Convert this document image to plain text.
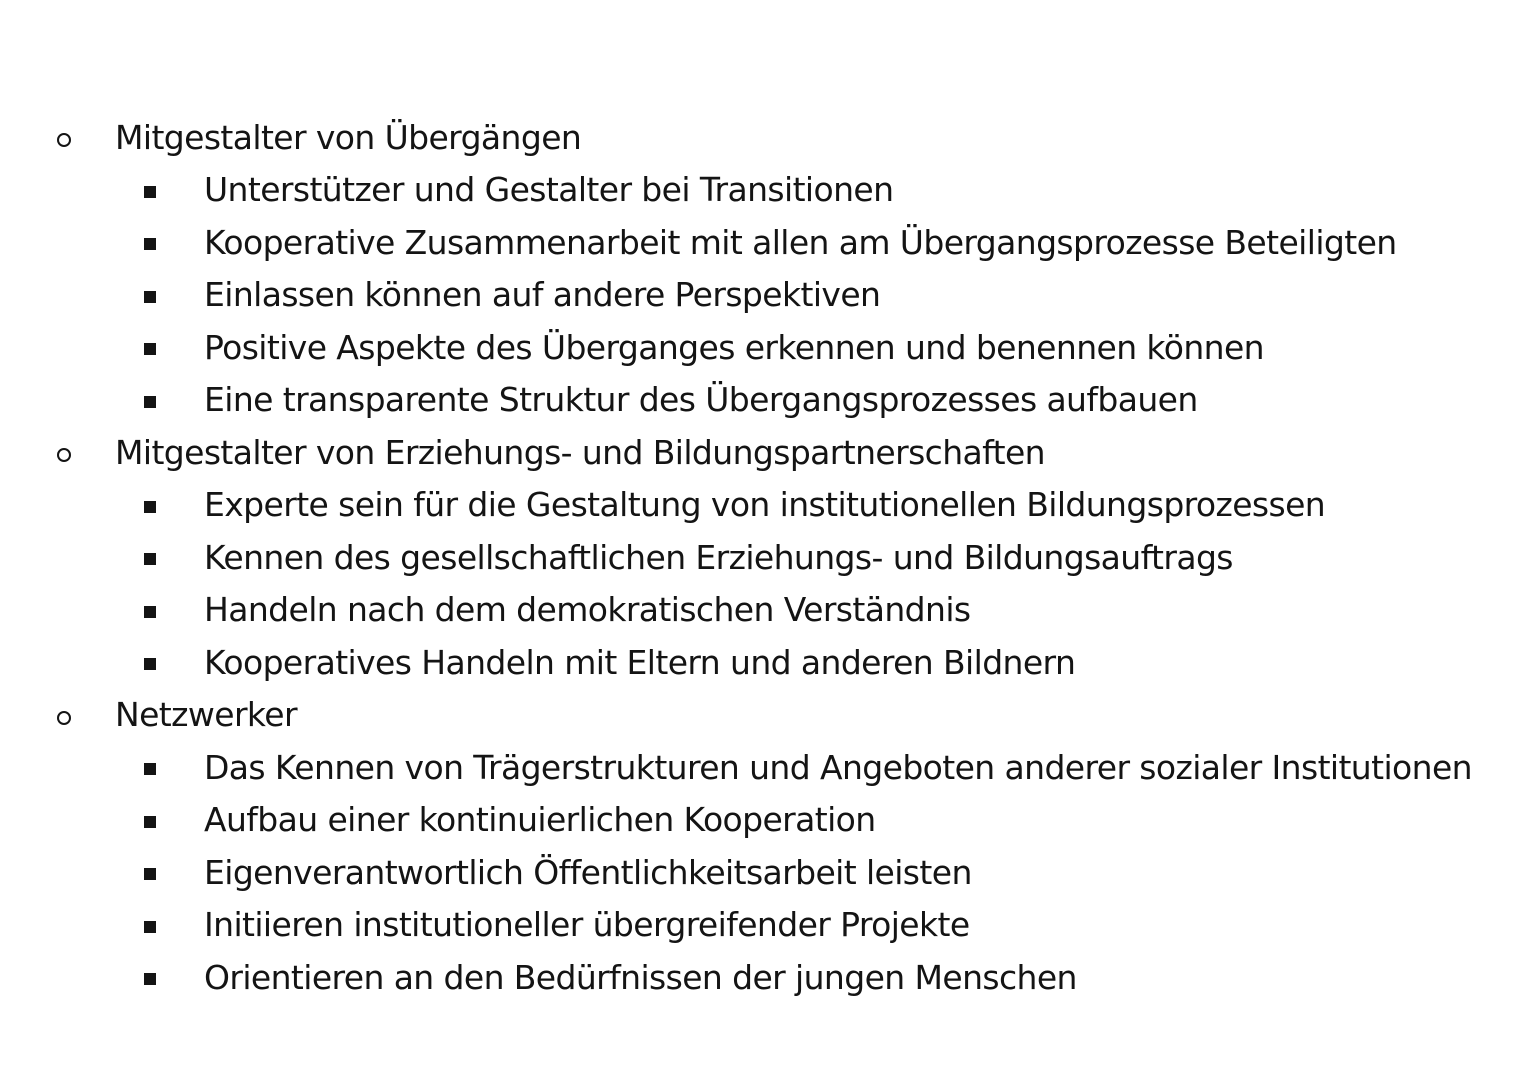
Mitgestalter von Übergängen
Unterstützer und Gestalter bei Transitionen
Kooperative Zusammenarbeit mit allen am Übergangsprozesse Beteiligten
Einlassen können auf andere Perspektiven
Positive Aspekte des Überganges erkennen und benennen können
Eine transparente Struktur des Übergangsprozesses aufbauen
Mitgestalter von Erziehungs- und Bildungspartnerschaften
Experte sein für die Gestaltung von institutionellen Bildungsprozessen
Kennen des gesellschaftlichen Erziehungs- und Bildungsauftrags
Handeln nach dem demokratischen Verständnis
Kooperatives Handeln mit Eltern und anderen Bildnern
Netzwerker
Das Kennen von Trägerstrukturen und Angeboten anderer sozialer Institutionen
Aufbau einer kontinuierlichen Kooperation
Eigenverantwortlich Öffentlichkeitsarbeit leisten
Initiieren institutioneller übergreifender Projekte
Orientieren an den Bedürfnissen der jungen Menschen
